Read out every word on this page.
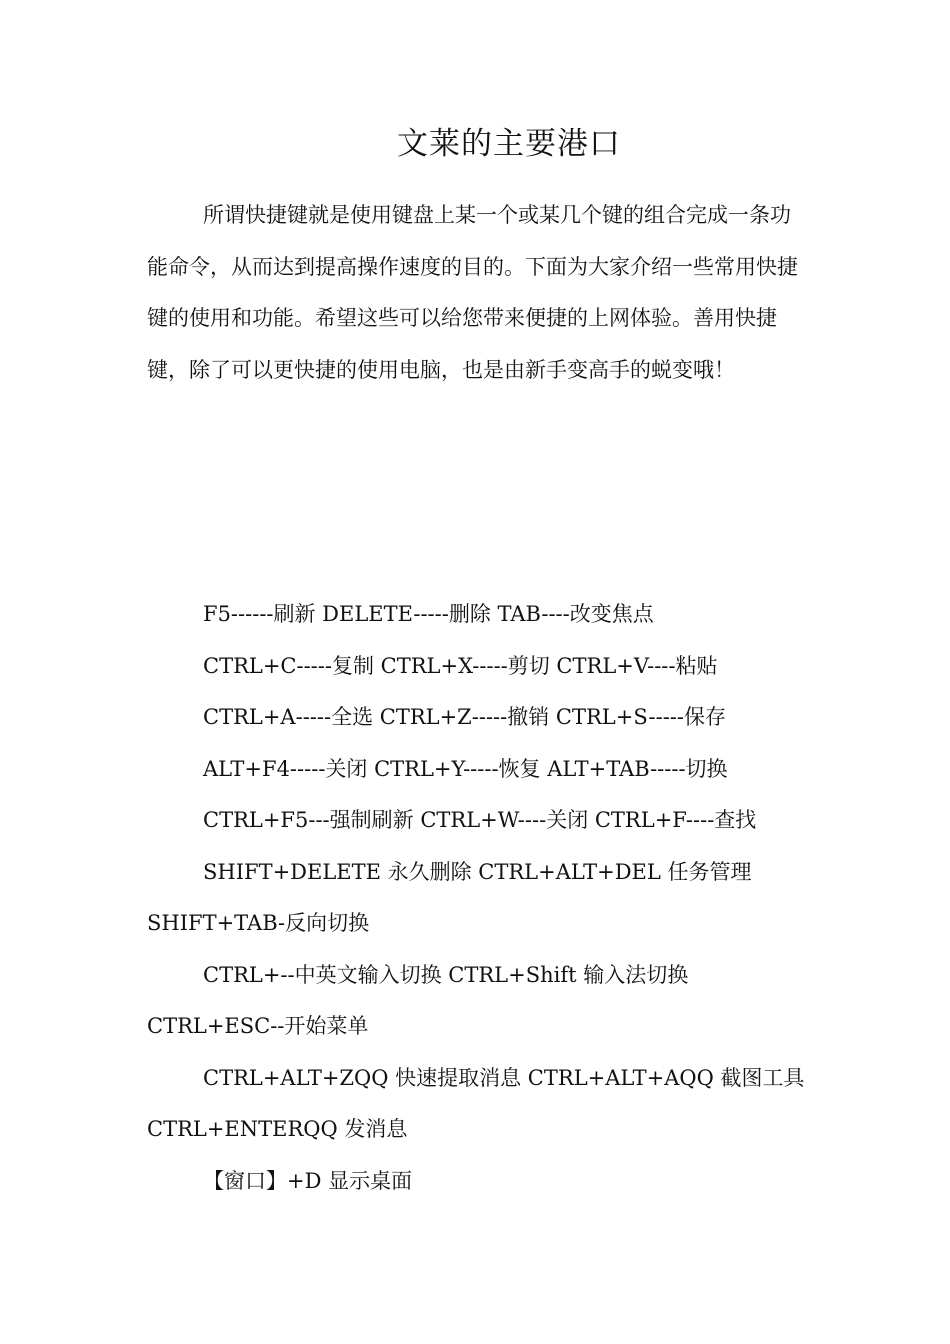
文莱的主要港口

所谓快捷键就是使用键盘上某一个或某几个键的组合完成一条功能命令，从而达到提高操作速度的目的。下面为大家介绍一些常用快捷键的使用和功能。希望这些可以给您带来便捷的上网体验。善用快捷键，除了可以更快捷的使用电脑，也是由新手变高手的蜕变哦！

F5------刷新 DELETE-----删除 TAB----改变焦点
CTRL+C-----复制 CTRL+X-----剪切 CTRL+V----粘贴
CTRL+A-----全选 CTRL+Z-----撤销 CTRL+S-----保存
ALT+F4-----关闭 CTRL+Y-----恢复 ALT+TAB-----切换
CTRL+F5---强制刷新 CTRL+W----关闭 CTRL+F----查找
SHIFT+DELETE 永久删除 CTRL+ALT+DEL 任务管理
SHIFT+TAB-反向切换
CTRL+--中英文输入切换 CTRL+Shift 输入法切换
CTRL+ESC--开始菜单
CTRL+ALT+ZQQ 快速提取消息 CTRL+ALT+AQQ 截图工具
CTRL+ENTERQQ 发消息
【窗口】+D 显示桌面
